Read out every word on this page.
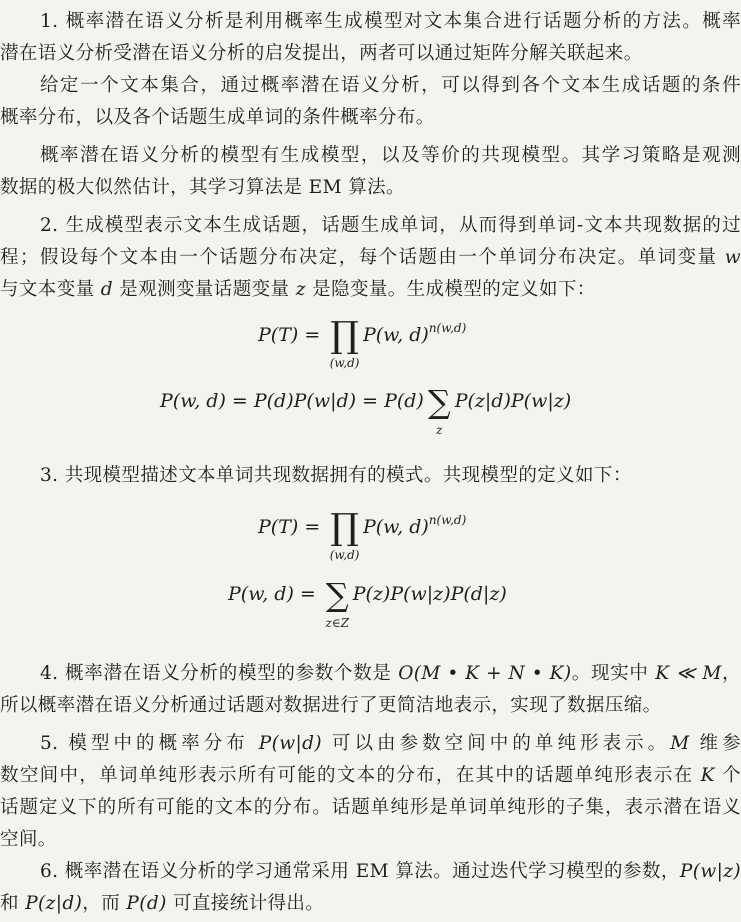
1. 概率潜在语义分析是利用概率生成模型对文本集合进行话题分析的方法。概率
潜在语义分析受潜在语义分析的启发提出，两者可以通过矩阵分解关联起来。

给定一个文本集合，通过概率潜在语义分析，可以得到各个文本生成话题的条件
概率分布，以及各个话题生成单词的条件概率分布。

概率潜在语义分析的模型有生成模型，以及等价的共现模型。其学习策略是观测
数据的极大似然估计，其学习算法是 EM 算法。

2. 生成模型表示文本生成话题，话题生成单词，从而得到单词-文本共现数据的过
程；假设每个文本由一个话题分布决定，每个话题由一个单词分布决定。单词变量 w
与文本变量 d 是观测变量话题变量 z 是隐变量。生成模型的定义如下：

P(T) = ∏
(w,d)
P(w, d)$^{n(w,d)}$
P(w, d) = P(d)P(w|d) = P(d) ∑
z
P(z|d)P(w|z)

3. 共现模型描述文本单词共现数据拥有的模式。共现模型的定义如下：

P(T) = ∏
(w,d)
P(w, d)$^{n(w,d)}$
P(w, d) = ∑
z∈Z
P(z)P(w|z)P(d|z)

4. 概率潜在语义分析的模型的参数个数是 O(M • K + N • K)。现实中 K ≪ M，
所以概率潜在语义分析通过话题对数据进行了更简洁地表示，实现了数据压缩。

5. 模型中的概率分布 P(w|d) 可以由参数空间中的单纯形表示。M 维参
数空间中，单词单纯形表示所有可能的文本的分布，在其中的话题单纯形表示在 K 个
话题定义下的所有可能的文本的分布。话题单纯形是单词单纯形的子集，表示潜在语义
空间。

6. 概率潜在语义分析的学习通常采用 EM 算法。通过迭代学习模型的参数，P(w|z)
和 P(z|d)，而 P(d) 可直接统计得出。
